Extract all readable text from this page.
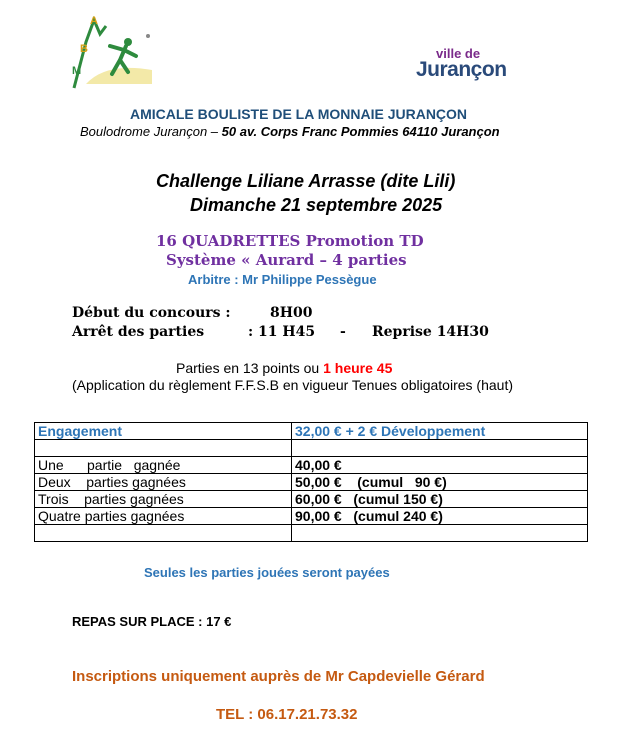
A
B
M
ville de
Jurançon
AMICALE BOULISTE DE LA MONNAIE JURANÇON
Boulodrome Jurançon – 50 av. Corps Franc Pommies 64110 Jurançon
Challenge Liliane Arrasse (dite Lili)
Dimanche 21 septembre 2025
16 QUADRETTES Promotion TD
Système « Aurard – 4 parties
Arbitre : Mr Philippe Pessègue
Début du concours :	8H00
Arrêt des parties	: 11 H45 - Reprise 14H30
Parties en 13 points ou 1 heure 45
(Application du règlement F.F.S.B en vigueur Tenues obligatoires (haut)
Engagement	32,00 € + 2 € Développement

Une      partie   gagnée	40,00 €
Deux    parties gagnées	50,00 €    (cumul   90 €)
Trois    parties gagnées	60,00 €   (cumul 150 €)
Quatre parties gagnées	90,00 €   (cumul 240 €)

Seules les parties jouées seront payées
REPAS SUR PLACE : 17 €
Inscriptions uniquement auprès de Mr Capdevielle Gérard
TEL : 06.17.21.73.32
